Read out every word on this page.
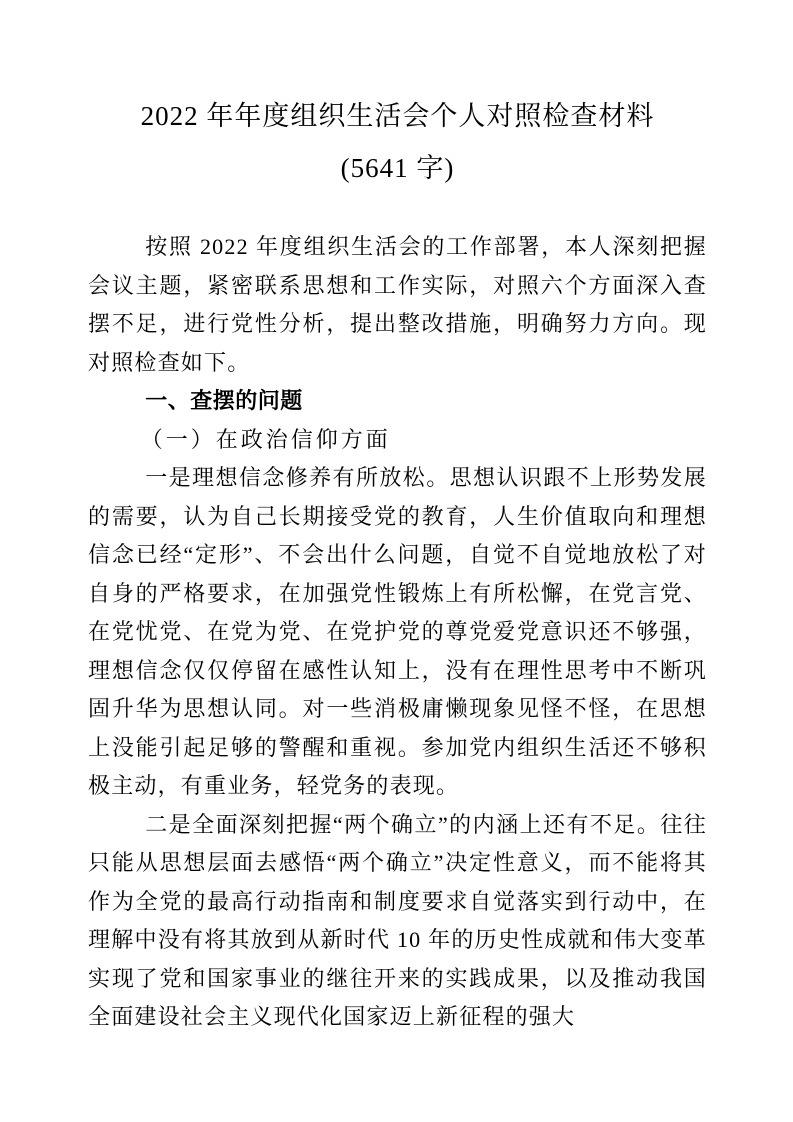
2022 年年度组织生活会个人对照检查材料
(5641 字)

按照 2022 年度组织生活会的工作部署，本人深刻把握会议主题，紧密联系思想和工作实际，对照六个方面深入查摆不足，进行党性分析，提出整改措施，明确努力方向。现对照检查如下。

一、查摆的问题
（一）在政治信仰方面

一是理想信念修养有所放松。思想认识跟不上形势发展的需要，认为自己长期接受党的教育，人生价值取向和理想信念已经“定形”、不会出什么问题，自觉不自觉地放松了对自身的严格要求，在加强党性锻炼上有所松懈，在党言党、在党忧党、在党为党、在党护党的尊党爱党意识还不够强，理想信念仅仅停留在感性认知上，没有在理性思考中不断巩固升华为思想认同。对一些消极庸懒现象见怪不怪，在思想上没能引起足够的警醒和重视。参加党内组织生活还不够积极主动，有重业务，轻党务的表现。

二是全面深刻把握“两个确立”的内涵上还有不足。往往只能从思想层面去感悟“两个确立”决定性意义，而不能将其作为全党的最高行动指南和制度要求自觉落实到行动中，在理解中没有将其放到从新时代 10 年的历史性成就和伟大变革实现了党和国家事业的继往开来的实践成果，以及推动我国全面建设社会主义现代化国家迈上新征程的强大
